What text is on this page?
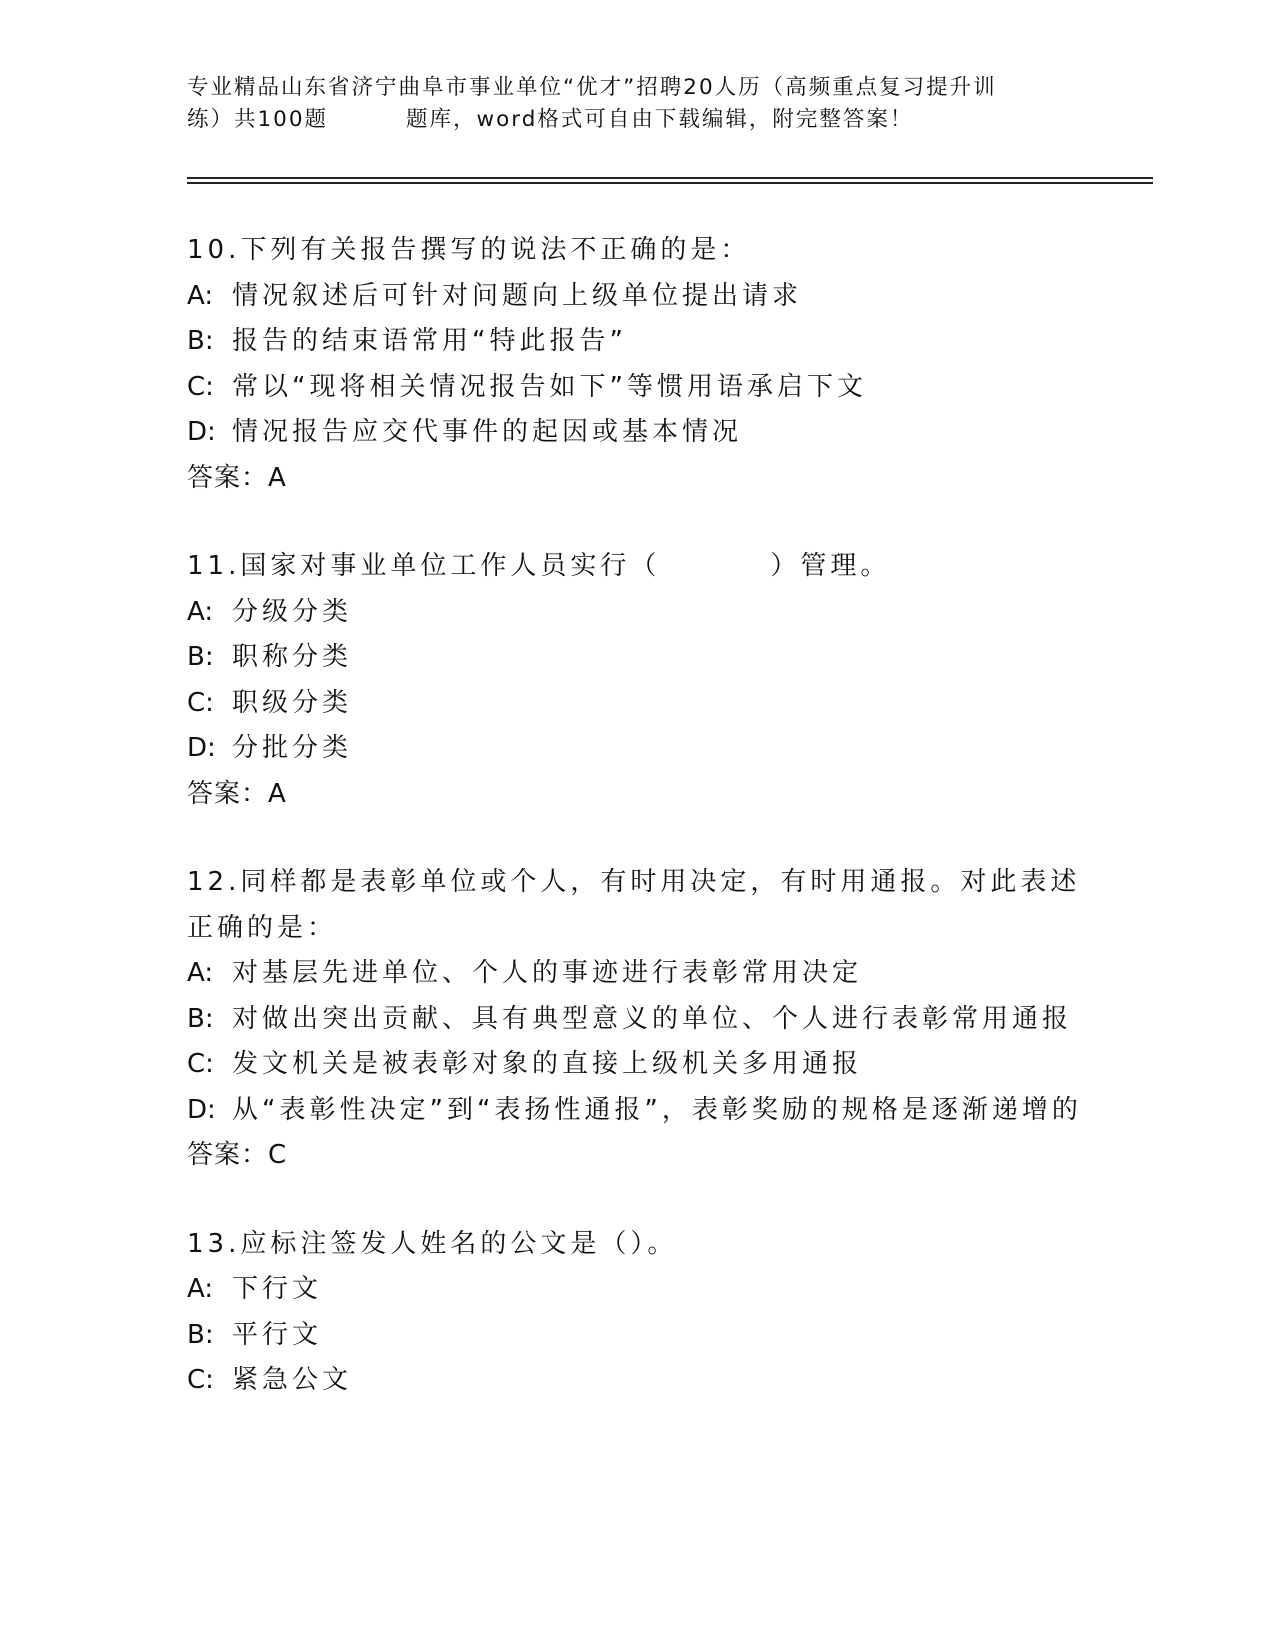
专业精品山东省济宁曲阜市事业单位“优才”招聘20人历（高频重点复习提升训
练）共100题	题库，word格式可自由下载编辑，附完整答案！
10.下列有关报告撰写的说法不正确的是：
A: 情况叙述后可针对问题向上级单位提出请求
B: 报告的结束语常用“特此报告”
C: 常以“现将相关情况报告如下”等惯用语承启下文
D: 情况报告应交代事件的起因或基本情况
答案：A
11.国家对事业单位工作人员实行（	）管理。
A: 分级分类
B: 职称分类
C: 职级分类
D: 分批分类
答案：A
12.同样都是表彰单位或个人，有时用决定，有时用通报。对此表述正确的是：
A: 对基层先进单位、个人的事迹进行表彰常用决定
B: 对做出突出贡献、具有典型意义的单位、个人进行表彰常用通报
C: 发文机关是被表彰对象的直接上级机关多用通报
D: 从“表彰性决定”到“表扬性通报”，表彰奖励的规格是逐渐递增的
答案：C
13.应标注签发人姓名的公文是（）。
A: 下行文
B: 平行文
C: 紧急公文
